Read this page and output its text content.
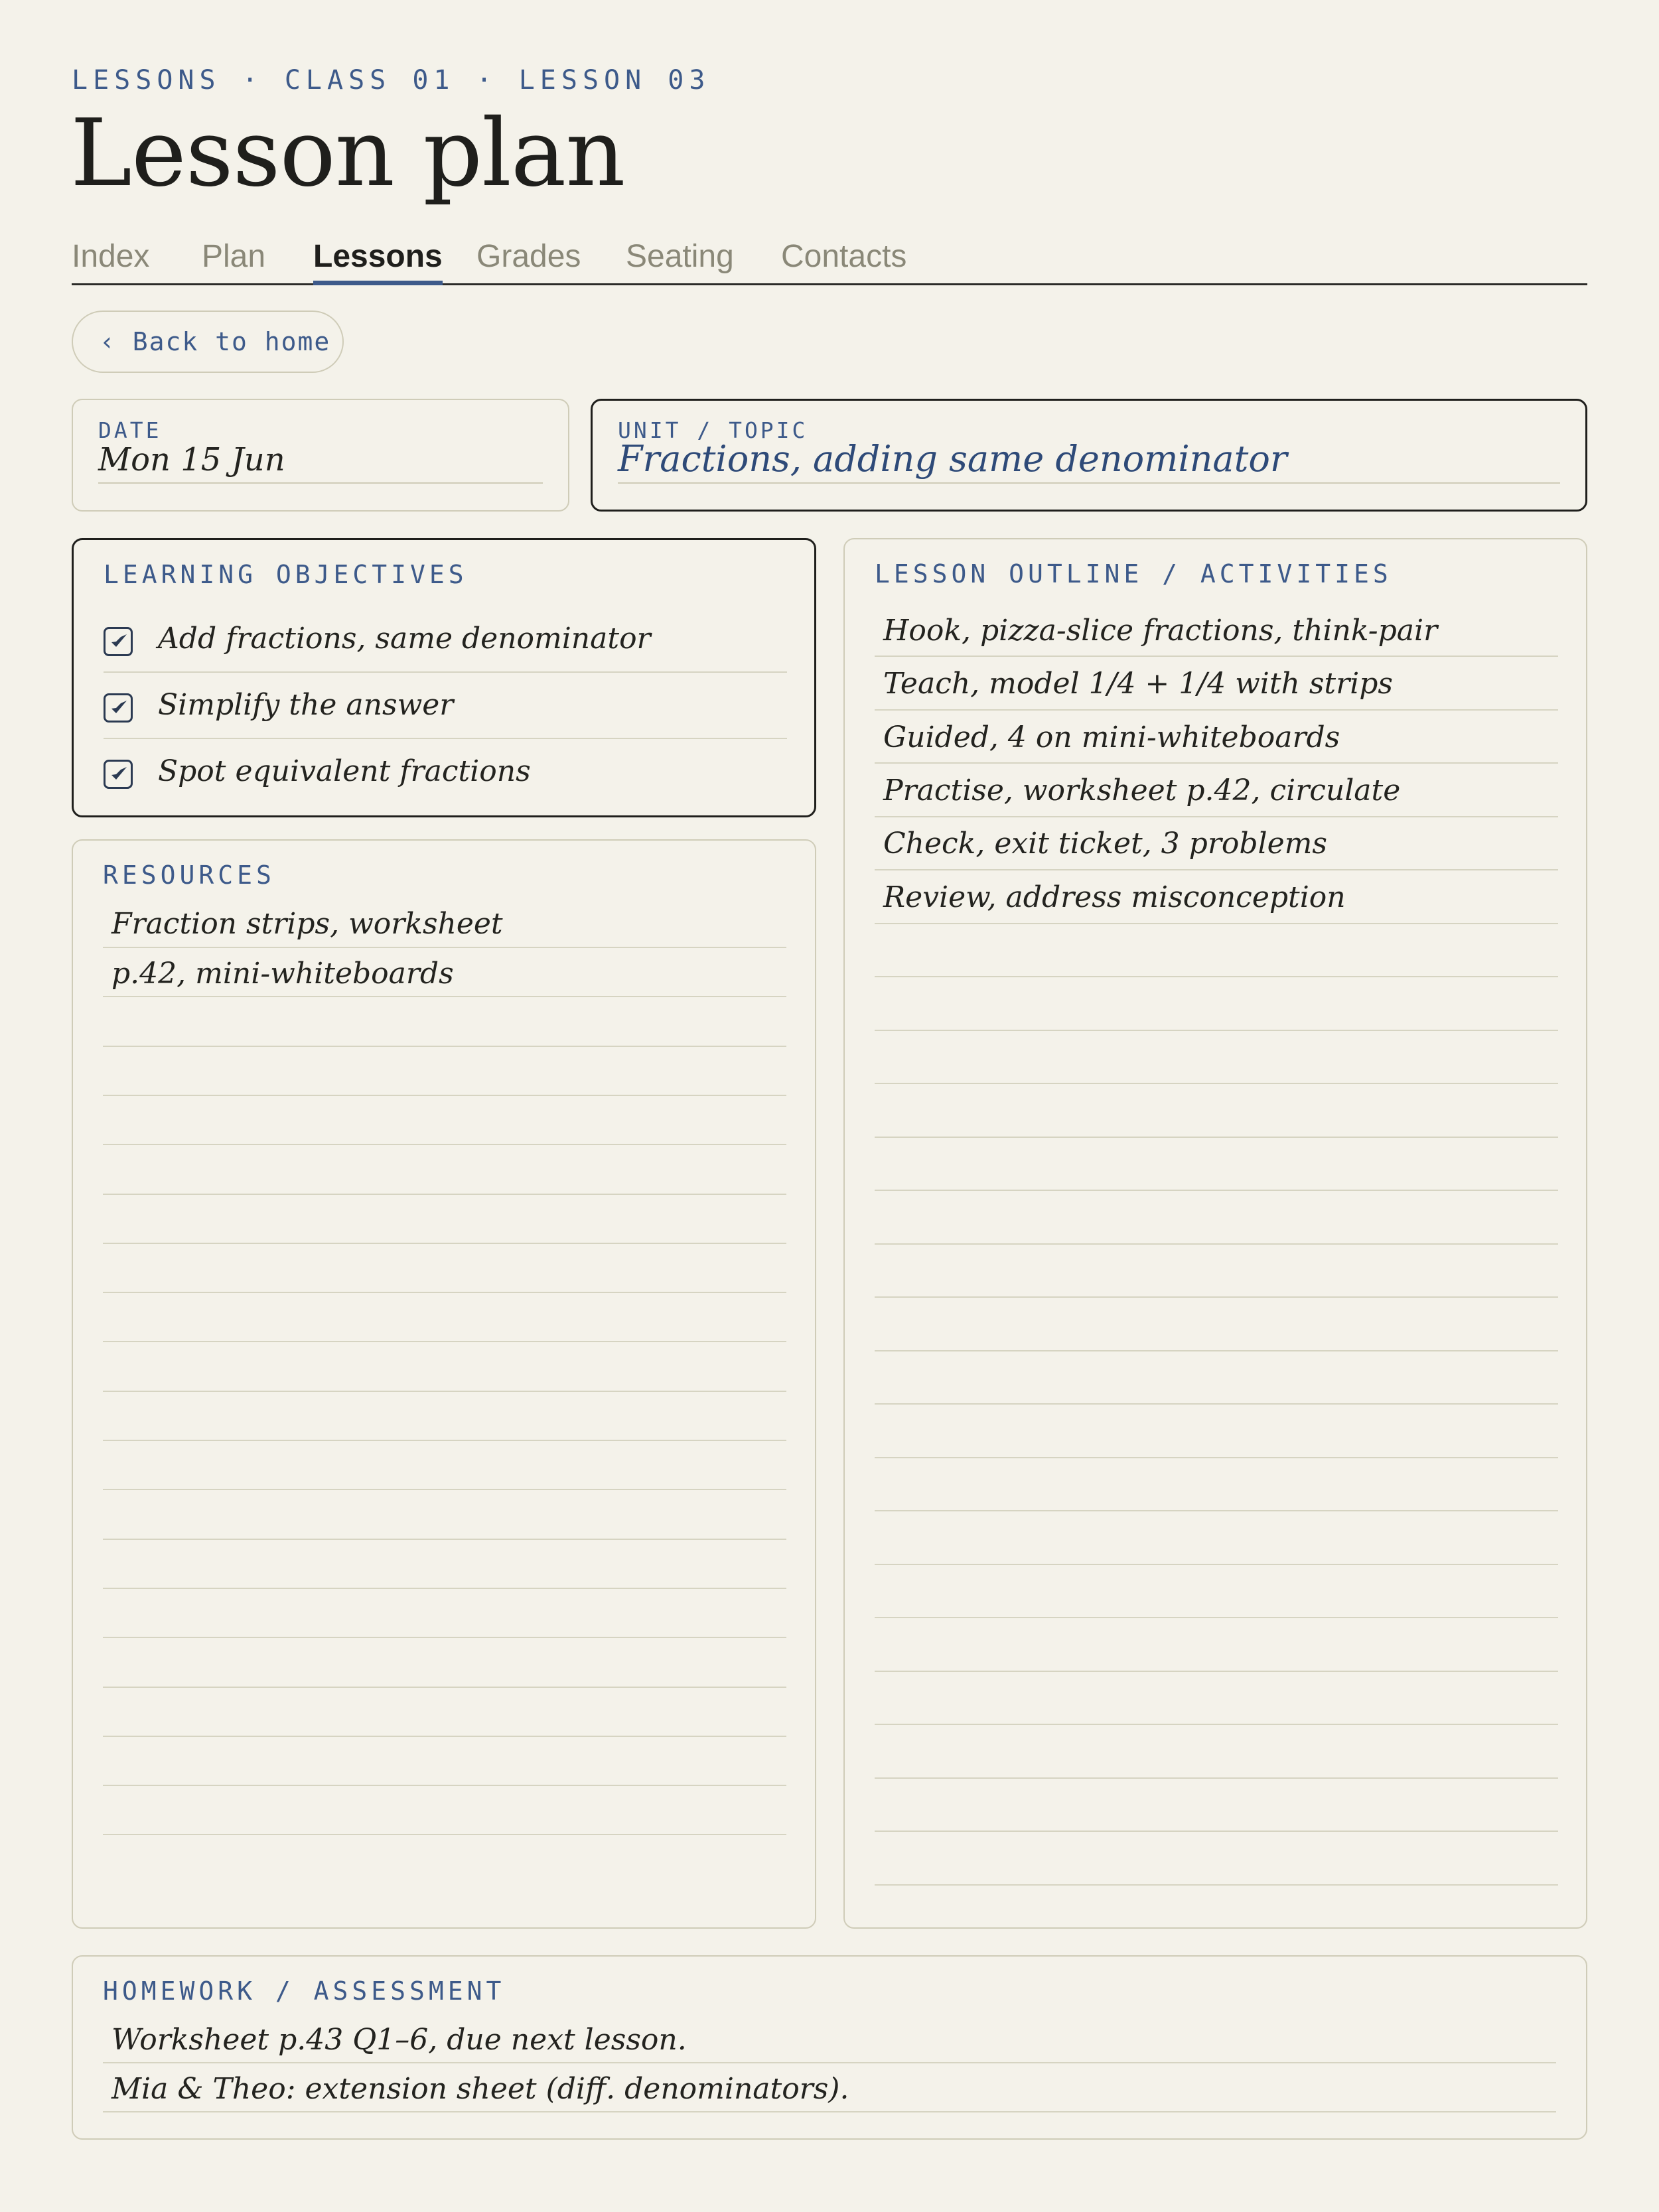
LESSONS · CLASS 01 · LESSON 03
Lesson plan
Index Plan Lessons Grades Seating Contacts
‹ Back to home
DATE
Mon 15 Jun
UNIT / TOPIC
Fractions, adding same denominator
LEARNING OBJECTIVES
Add fractions, same denominator
Simplify the answer
Spot equivalent fractions
RESOURCES
Fraction strips, worksheet
p.42, mini-whiteboards
LESSON OUTLINE / ACTIVITIES
Hook, pizza-slice fractions, think-pair
Teach, model 1/4 + 1/4 with strips
Guided, 4 on mini-whiteboards
Practise, worksheet p.42, circulate
Check, exit ticket, 3 problems
Review, address misconception
HOMEWORK / ASSESSMENT
Worksheet p.43 Q1–6, due next lesson.
Mia & Theo: extension sheet (diff. denominators).
